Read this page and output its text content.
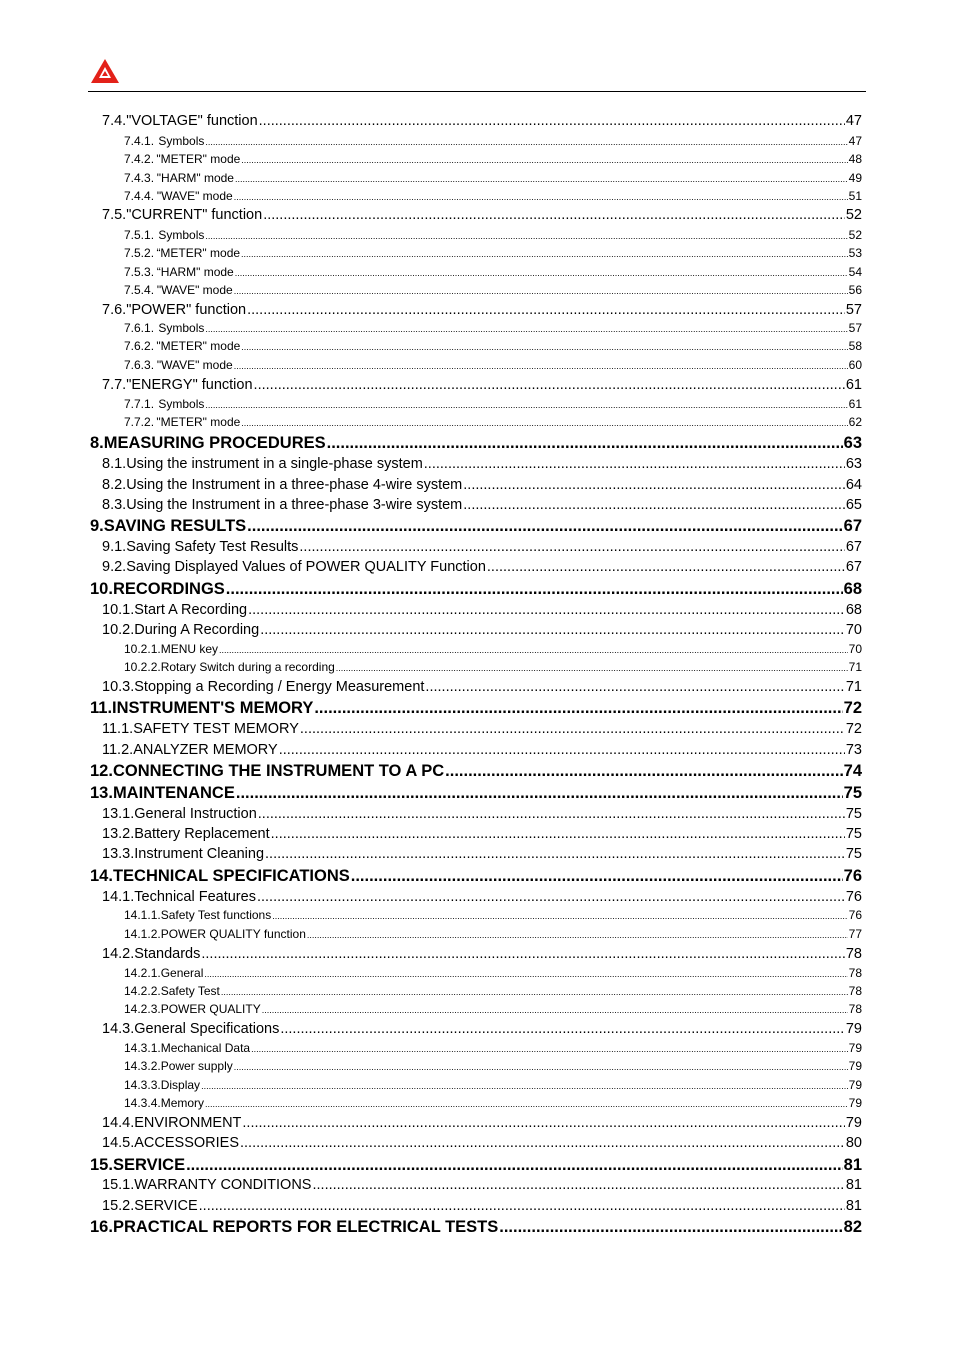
7.4. "VOLTAGE" function .....	47
7.4.1. Symbols .....	47
7.4.2. "METER" mode .....	48
7.4.3. "HARM" mode .....	49
7.4.4. "WAVE" mode .....	51
7.5. "CURRENT" function .....	52
7.5.1. Symbols .....	52
7.5.2. “METER" mode .....	53
7.5.3. “HARM" mode .....	54
7.5.4. "WAVE" mode .....	56
7.6. "POWER" function .....	57
7.6.1. Symbols .....	57
7.6.2. "METER" mode .....	58
7.6.3. "WAVE" mode .....	60
7.7. "ENERGY" function .....	61
7.7.1. Symbols .....	61
7.7.2. "METER" mode .....	62
8. MEASURING PROCEDURES .....	63
8.1. Using the instrument in a single-phase system .....	63
8.2. Using the Instrument in a three-phase 4-wire system .....	64
8.3. Using the Instrument in a three-phase 3-wire system .....	65
9. SAVING RESULTS .....	67
9.1. Saving Safety Test Results .....	67
9.2. Saving Displayed Values of POWER QUALITY Function .....	67
10. RECORDINGS .....	68
10.1. Start A Recording .....	68
10.2. During A Recording .....	70
10.2.1. MENU key .....	70
10.2.2. Rotary Switch during a recording .....	71
10.3. Stopping a Recording / Energy Measurement .....	71
11. INSTRUMENT'S MEMORY .....	72
11.1. SAFETY TEST MEMORY .....	72
11.2. ANALYZER MEMORY .....	73
12. CONNECTING THE INSTRUMENT TO A PC .....	74
13. MAINTENANCE .....	75
13.1. General Instruction .....	75
13.2. Battery Replacement .....	75
13.3. Instrument Cleaning .....	75
14. TECHNICAL SPECIFICATIONS .....	76
14.1. Technical Features .....	76
14.1.1. Safety Test functions .....	76
14.1.2. POWER QUALITY function .....	77
14.2. Standards .....	78
14.2.1. General .....	78
14.2.2. Safety Test .....	78
14.2.3. POWER QUALITY .....	78
14.3. General Specifications .....	79
14.3.1. Mechanical Data .....	79
14.3.2. Power supply .....	79
14.3.3. Display .....	79
14.3.4. Memory .....	79
14.4. ENVIRONMENT .....	79
14.5. ACCESSORIES .....	80
15. SERVICE .....	81
15.1. WARRANTY CONDITIONS .....	81
15.2. SERVICE .....	81
16. PRACTICAL REPORTS FOR ELECTRICAL TESTS .....	82
